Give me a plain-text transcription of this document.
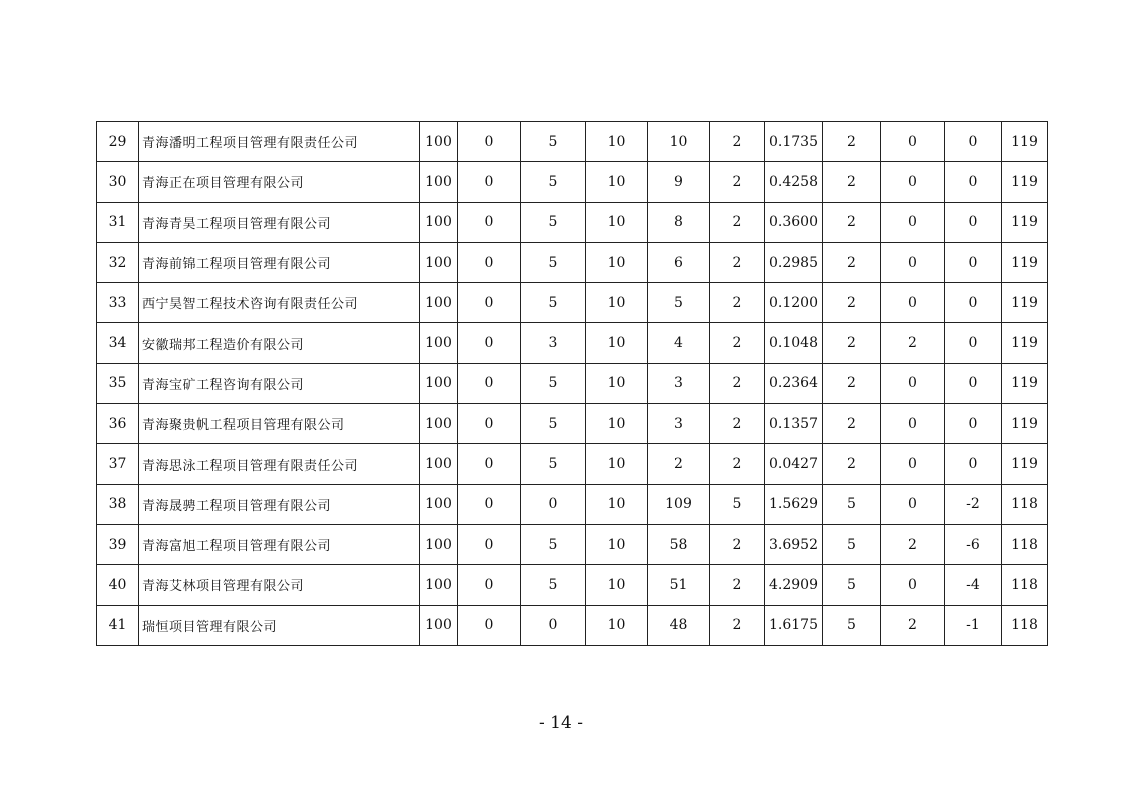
29	青海潘明工程项目管理有限责任公司	100	0	5	10	10	2	0.1735	2	0	0	119
30	青海正在项目管理有限公司	100	0	5	10	9	2	0.4258	2	0	0	119
31	青海青昊工程项目管理有限公司	100	0	5	10	8	2	0.3600	2	0	0	119
32	青海前锦工程项目管理有限公司	100	0	5	10	6	2	0.2985	2	0	0	119
33	西宁昊智工程技术咨询有限责任公司	100	0	5	10	5	2	0.1200	2	0	0	119
34	安徽瑞邦工程造价有限公司	100	0	3	10	4	2	0.1048	2	2	0	119
35	青海宝矿工程咨询有限公司	100	0	5	10	3	2	0.2364	2	0	0	119
36	青海聚贵帆工程项目管理有限公司	100	0	5	10	3	2	0.1357	2	0	0	119
37	青海思泳工程项目管理有限责任公司	100	0	5	10	2	2	0.0427	2	0	0	119
38	青海晟骋工程项目管理有限公司	100	0	0	10	109	5	1.5629	5	0	-2	118
39	青海富旭工程项目管理有限公司	100	0	5	10	58	2	3.6952	5	2	-6	118
40	青海艾林项目管理有限公司	100	0	5	10	51	2	4.2909	5	0	-4	118
41	瑞恒项目管理有限公司	100	0	0	10	48	2	1.6175	5	2	-1	118
- 14 -
